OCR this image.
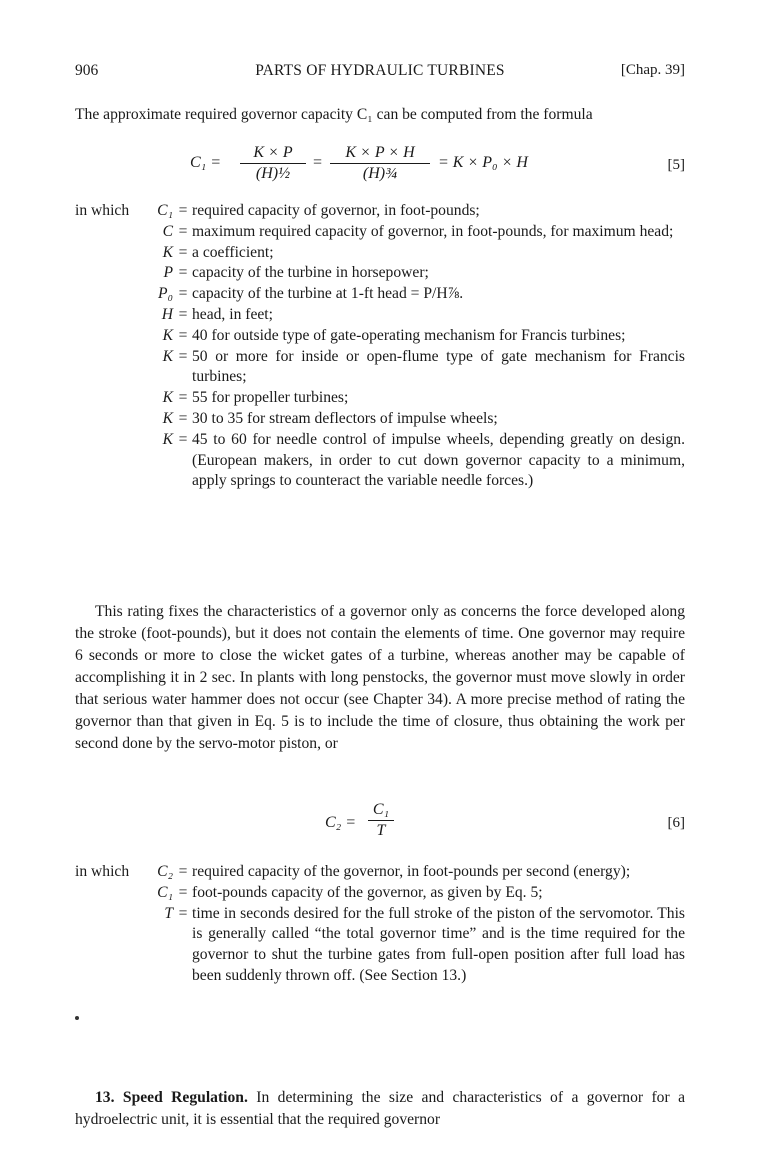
906	PARTS OF HYDRAULIC TURBINES	[Chap. 39]
The approximate required governor capacity C₁ can be computed from the formula
$C_1 = \frac{K \times P}{\text{(H)½}} = \frac{K \times P \times H}{\text{(H)¾}} = K \times P_0 \times H$	[5]
in which	C₁ = required capacity of governor, in foot-pounds;
C = maximum required capacity of governor, in foot-pounds, for maximum head;
K = a coefficient;
P = capacity of the turbine in horsepower;
P₀ = capacity of the turbine at 1-ft head = P/H⅞.
H = head, in feet;
K = 40 for outside type of gate-operating mechanism for Francis turbines;
K = 50 or more for inside or open-flume type of gate mechanism for Francis turbines;
K = 55 for propeller turbines;
K = 30 to 35 for stream deflectors of impulse wheels;
K = 45 to 60 for needle control of impulse wheels, depending greatly on design. (European makers, in order to cut down governor capacity to a minimum, apply springs to counteract the variable needle forces.)
This rating fixes the characteristics of a governor only as concerns the force developed along the stroke (foot-pounds), but it does not contain the elements of time. One governor may require 6 seconds or more to close the wicket gates of a turbine, whereas another may be capable of accomplishing it in 2 sec. In plants with long penstocks, the governor must move slowly in order that serious water hammer does not occur (see Chapter 34). A more precise method of rating the governor than that given in Eq. 5 is to include the time of closure, thus obtaining the work per second done by the servo-motor piston, or
$C_2 = \frac{\text{C₁}}{T}$	[6]
in which	C₂ = required capacity of the governor, in foot-pounds per second (energy);
C₁ = foot-pounds capacity of the governor, as given by Eq. 5;
T = time in seconds desired for the full stroke of the piston of the servomotor. This is generally called “the total governor time” and is the time required for the governor to shut the turbine gates from full-open position after full load has been suddenly thrown off. (See Section 13.)
13. Speed Regulation. In determining the size and characteristics of a governor for a hydroelectric unit, it is essential that the required governor
